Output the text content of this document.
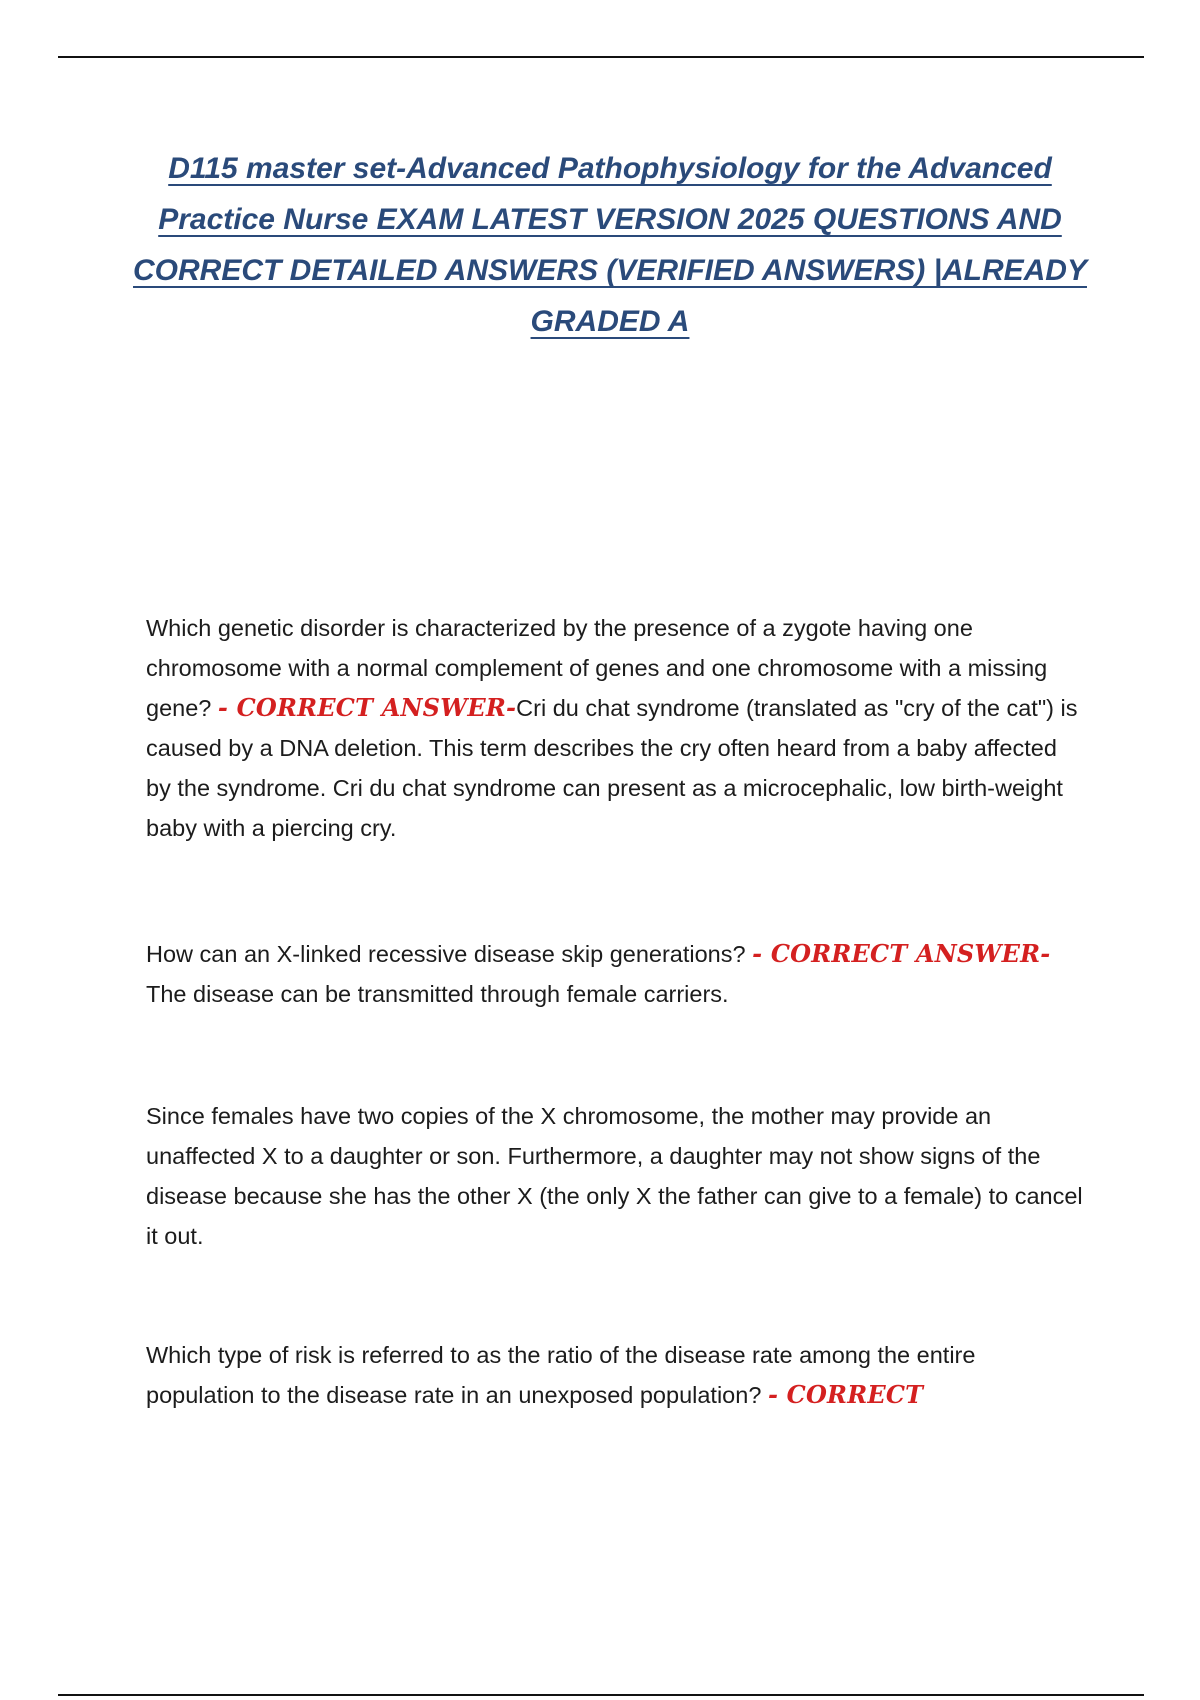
D115 master set-Advanced Pathophysiology for the Advanced Practice Nurse EXAM LATEST VERSION 2025 QUESTIONS AND CORRECT DETAILED ANSWERS (VERIFIED ANSWERS) |ALREADY GRADED A

Which genetic disorder is characterized by the presence of a zygote having one chromosome with a normal complement of genes and one chromosome with a missing gene? - CORRECT ANSWER-Cri du chat syndrome (translated as "cry of the cat") is caused by a DNA deletion. This term describes the cry often heard from a baby affected by the syndrome. Cri du chat syndrome can present as a microcephalic, low birth-weight baby with a piercing cry.

How can an X-linked recessive disease skip generations? - CORRECT ANSWER-
The disease can be transmitted through female carriers.

Since females have two copies of the X chromosome, the mother may provide an unaffected X to a daughter or son. Furthermore, a daughter may not show signs of the disease because she has the other X (the only X the father can give to a female) to cancel it out.

Which type of risk is referred to as the ratio of the disease rate among the entire population to the disease rate in an unexposed population? - CORRECT
